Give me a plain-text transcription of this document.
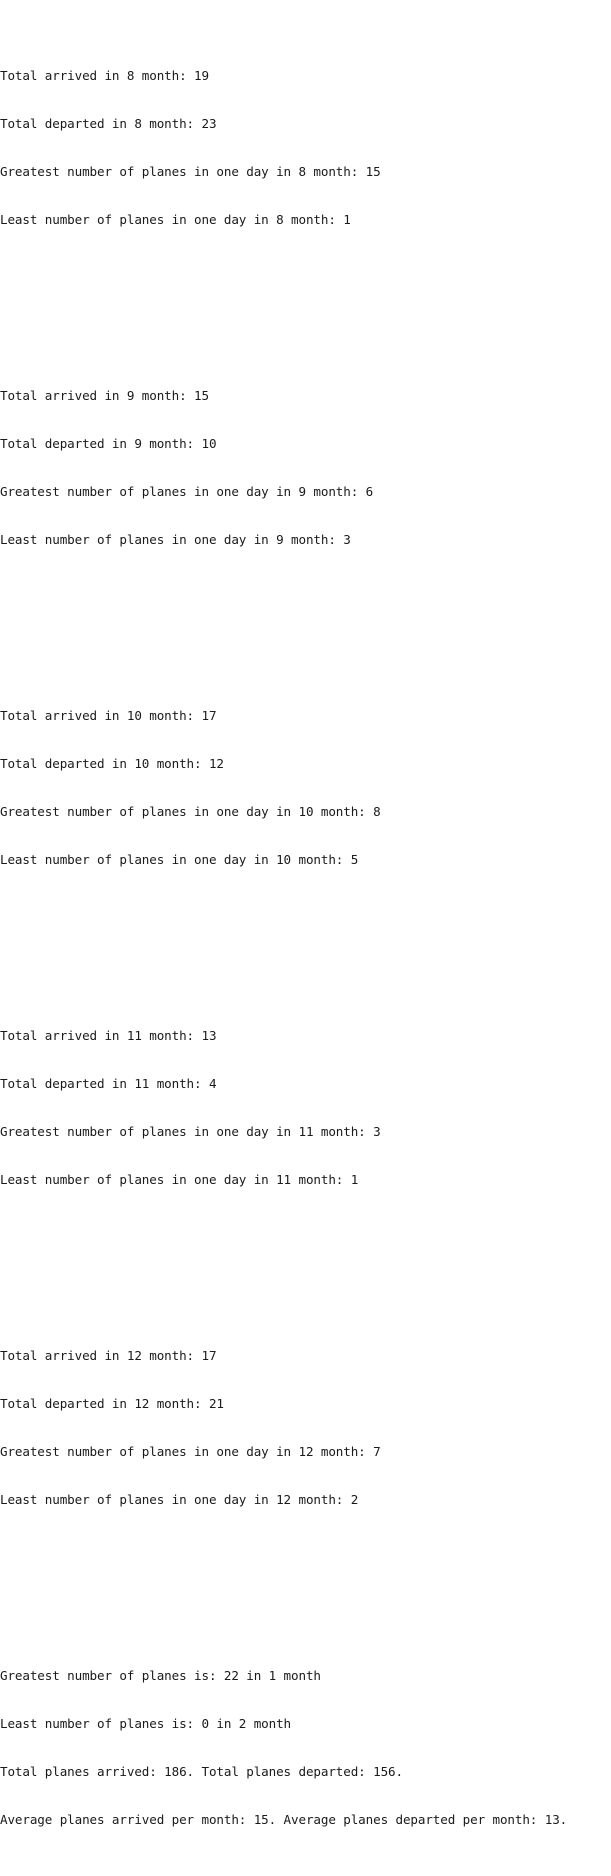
Total arrived in 8 month: 19

Total departed in 8 month: 23

Greatest number of planes in one day in 8 month: 15

Least number of planes in one day in 8 month: 1

Total arrived in 9 month: 15

Total departed in 9 month: 10

Greatest number of planes in one day in 9 month: 6

Least number of planes in one day in 9 month: 3

Total arrived in 10 month: 17

Total departed in 10 month: 12

Greatest number of planes in one day in 10 month: 8

Least number of planes in one day in 10 month: 5

Total arrived in 11 month: 13

Total departed in 11 month: 4

Greatest number of planes in one day in 11 month: 3

Least number of planes in one day in 11 month: 1

Total arrived in 12 month: 17

Total departed in 12 month: 21

Greatest number of planes in one day in 12 month: 7

Least number of planes in one day in 12 month: 2

Greatest number of planes is: 22 in 1 month

Least number of planes is: 0 in 2 month

Total planes arrived: 186. Total planes departed: 156.

Average planes arrived per month: 15. Average planes departed per month: 13.
